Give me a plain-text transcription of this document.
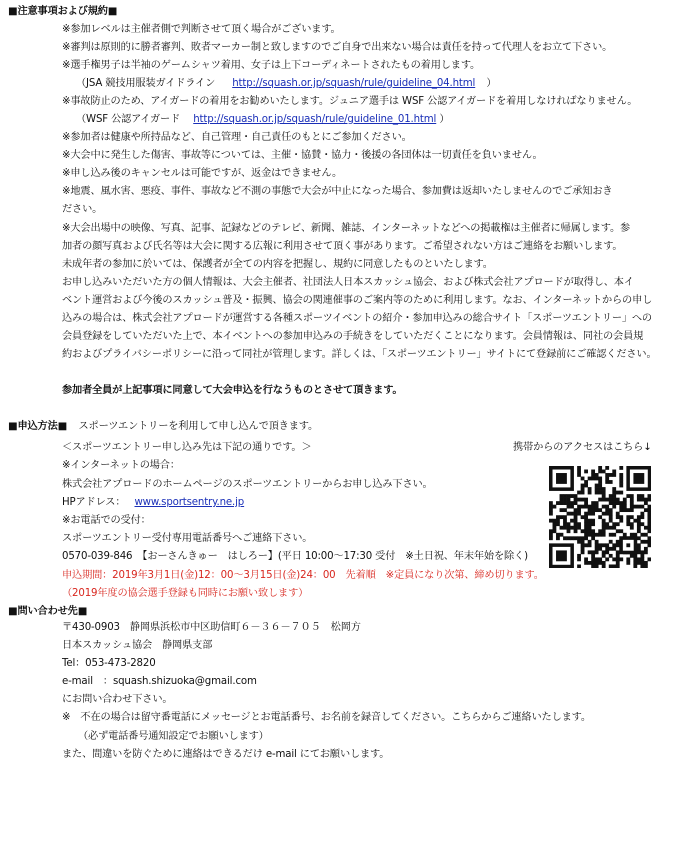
■注意事項および規約■
※参加レベルは主催者側で判断させて頂く場合がございます。
※審判は原則的に勝者審判、敗者マーカー制と致しますのでご自身で出来ない場合は責任を持って代理人をお立て下さい。
※選手権男子は半袖のゲームシャツ着用、女子は上下コーディネートされたもの着用します。
（JSA 競技用服装ガイドライン http://squash.or.jp/squash/rule/guideline_04.html ）
※事故防止のため、アイガードの着用をお勧めいたします。ジュニア選手は WSF 公認アイガードを着用しなければなりません。
（WSF 公認アイガード http://squash.or.jp/squash/rule/guideline_01.html ）
※参加者は健康や所持品など、自己管理・自己責任のもとにご参加ください。
※大会中に発生した傷害、事故等については、主催・協賛・協力・後援の各団体は一切責任を負いません。
※申し込み後のキャンセルは可能ですが、返金はできません。
※地震、風水害、悪疫、事件、事故など不測の事態で大会が中止になった場合、参加費は返却いたしませんのでご承知おき
ださい。
※大会出場中の映像、写真、記事、記録などのテレビ、新聞、雑誌、インターネットなどへの掲載権は主催者に帰属します。参
加者の顔写真および氏名等は大会に関する広報に利用させて頂く事があります。ご希望されない方はご連絡をお願いします。
未成年者の参加に於いては、保護者が全ての内容を把握し、規約に同意したものといたします。
お申し込みいただいた方の個人情報は、大会主催者、社団法人日本スカッシュ協会、および株式会社アプロードが取得し、本イ
ベント運営および今後のスカッシュ普及・振興、協会の関連催事のご案内等のために利用します。なお、インターネットからの申し
込みの場合は、株式会社アプロードが運営する各種スポーツイベントの紹介・参加申込みの総合サイト「スポーツエントリー」への
会員登録をしていただいた上で、本イベントへの参加申込みの手続きをしていただくことになります。会員情報は、同社の会員規
約およびプライバシーポリシーに沿って同社が管理します。詳しくは、「スポーツエントリー」サイトにて登録前にご確認ください。
参加者全員が上記事項に同意して大会申込を行なうものとさせて頂きます。
■申込方法■ スポーツエントリーを利用して申し込んで頂きます。
携帯からのアクセスはこちら↓
＜スポーツエントリー申し込み先は下記の通りです。＞
※インターネットの場合：
株式会社アプロードのホームページのスポーツエントリーからお申し込み下さい。
HPアドレス： www.sportsentry.ne.jp
※お電話での受付：
スポーツエントリー受付専用電話番号へご連絡下さい。
0570-039-846　【おーさんきゅー　はしろー】(平日 10:00～17:30 受付　※土日祝、年末年始を除く)
申込期間：2019年3月1日(金)12：00～3月15日(金)24：00　先着順　※定員になり次第、締め切ります。
（2019年度の協会選手登録も同時にお願い致します）
■問い合わせ先■
〒430-0903　静岡県浜松市中区助信町６－３６－７０５　松岡方
日本スカッシュ協会　静岡県支部
Tel：053-473-2820
e-mail　：squash.shizuoka@gmail.com
にお問い合わせ下さい。
※　不在の場合は留守番電話にメッセージとお電話番号、お名前を録音してください。こちらからご連絡いたします。
（必ず電話番号通知設定でお願いします）
また、間違いを防ぐために連絡はできるだけ e-mail にてお願いします。
